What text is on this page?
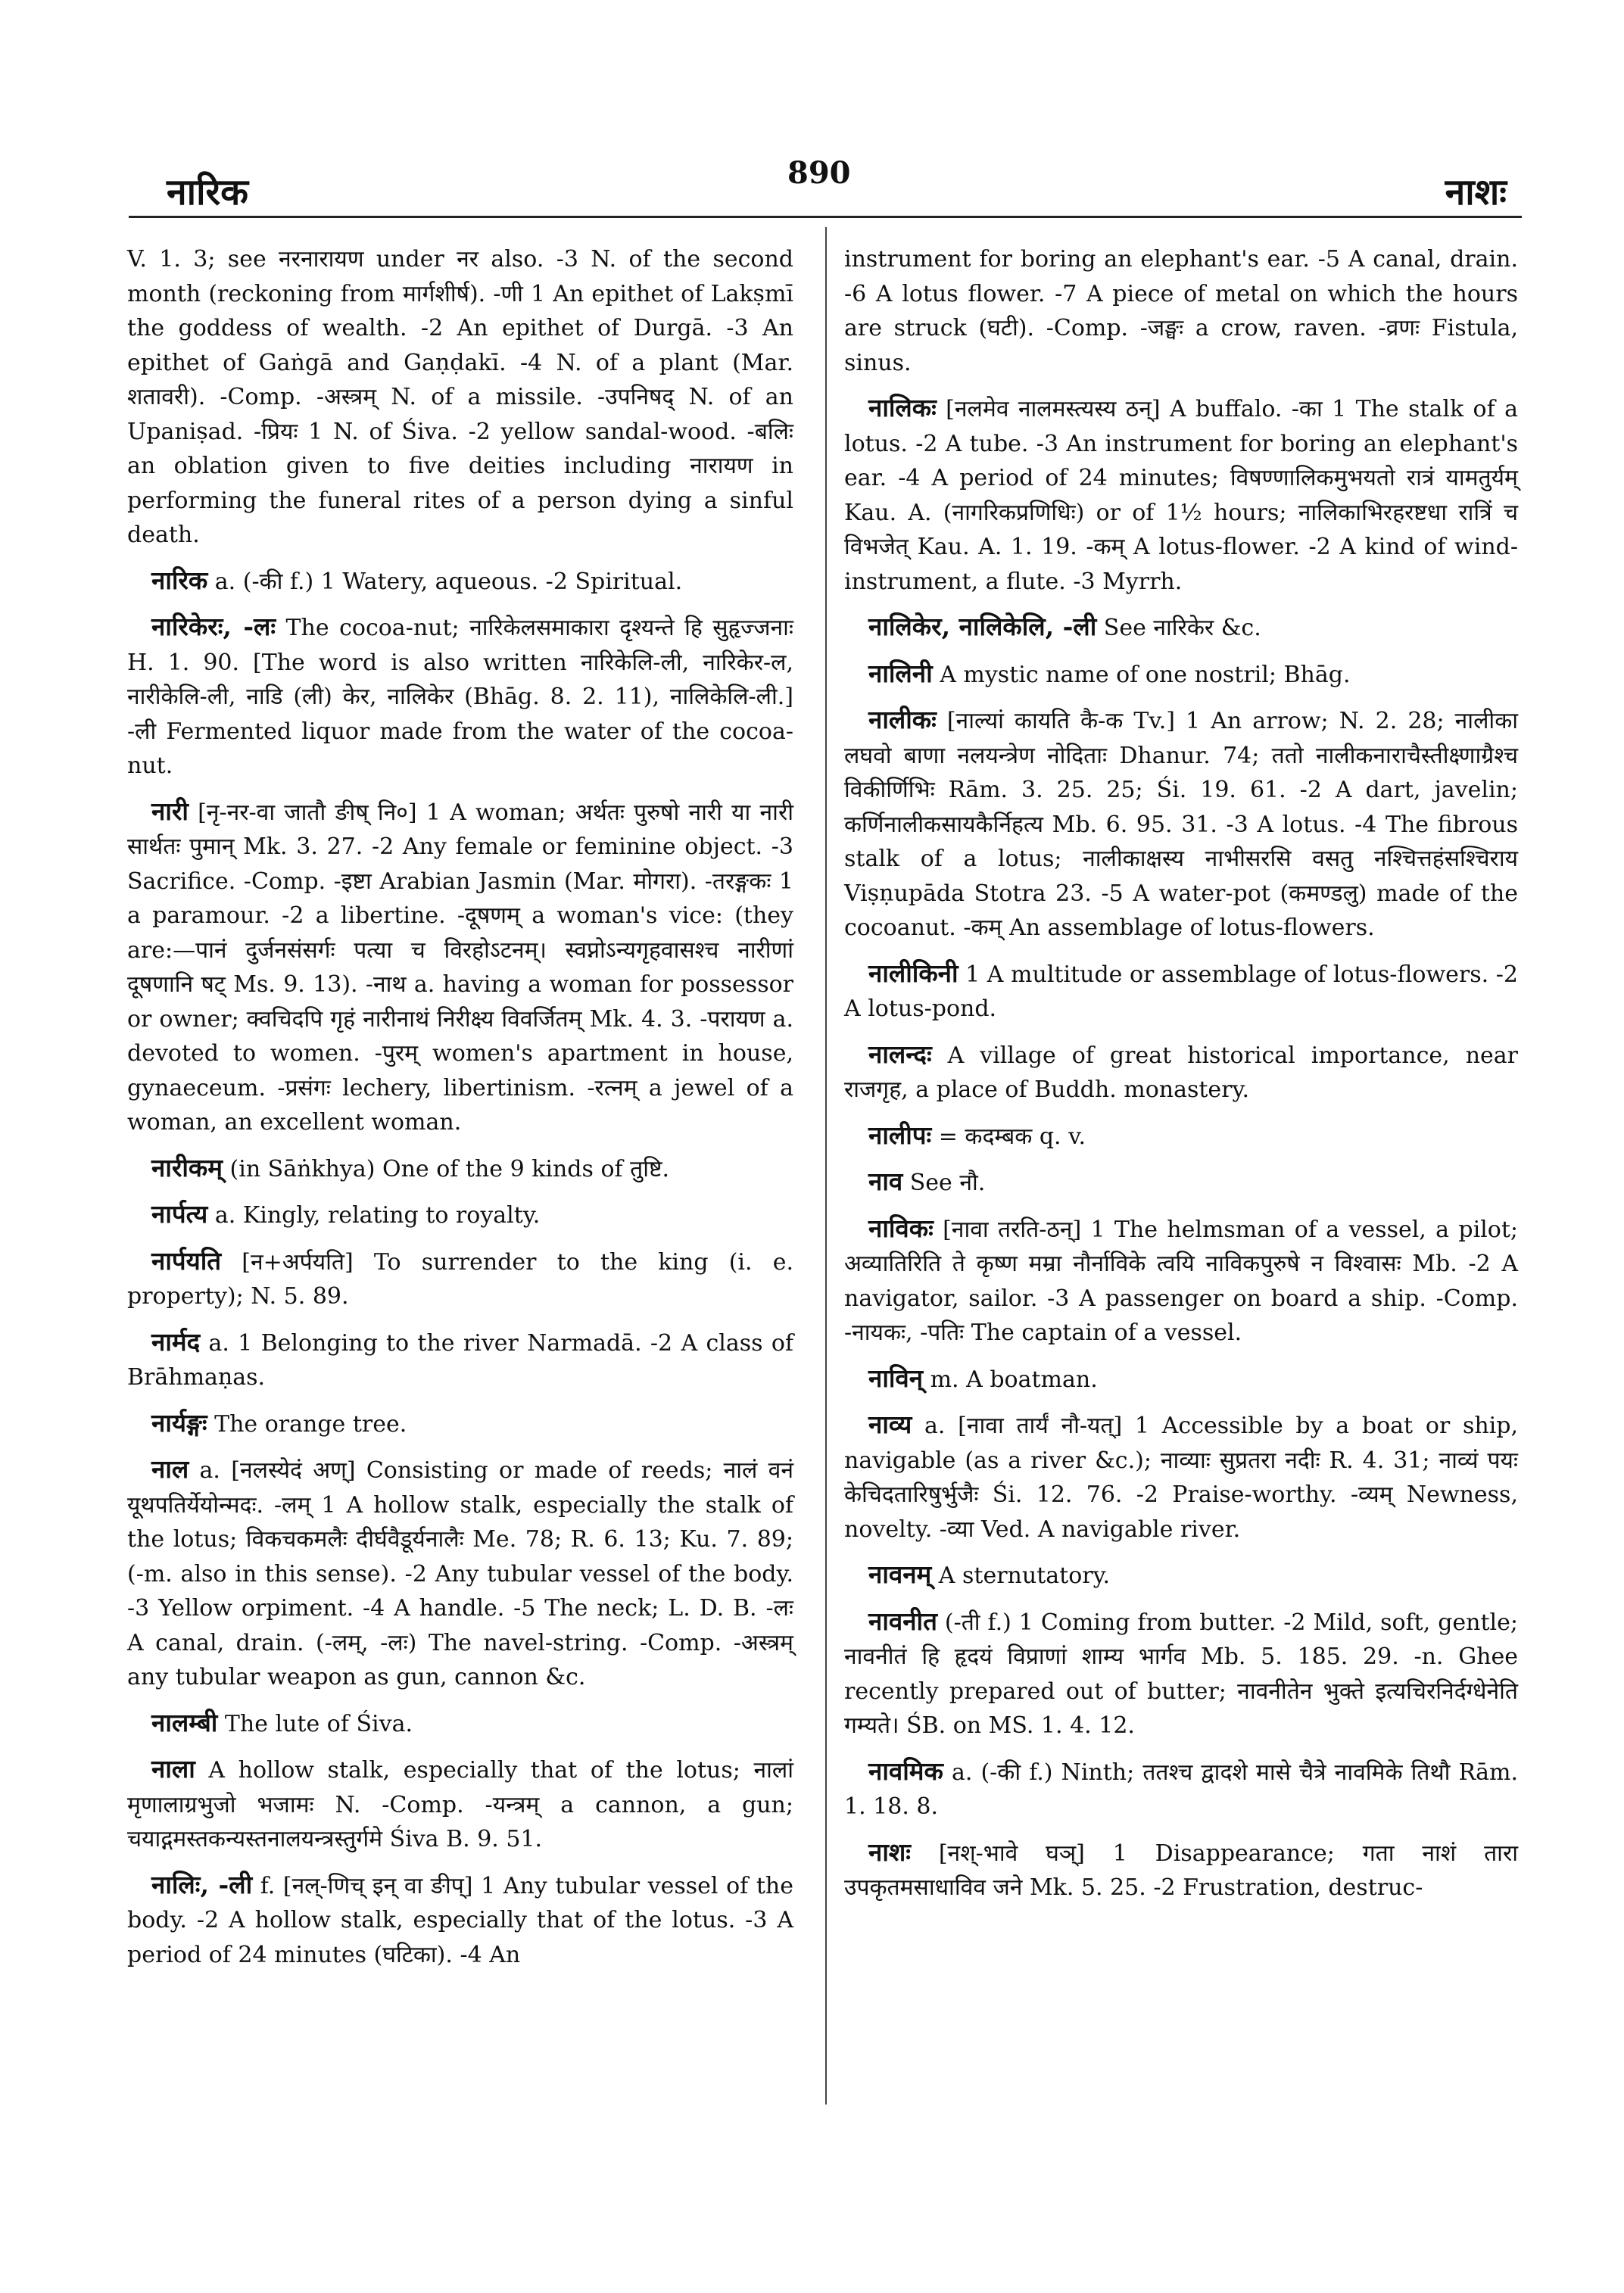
नारिक	890	नाशः
V. 1. 3; see नरनारायण under नर also. -3 N. of the second month (reckoning from मार्गशीर्ष). -णी 1 An epithet of Lakṣmī the goddess of wealth. -2 An epithet of Durgā. -3 An epithet of Gaṅgā and Gaṇḍakī. -4 N. of a plant (Mar. शतावरी). -Comp. -अस्त्रम् N. of a missile. -उपनिषद् N. of an Upaniṣad. -प्रियः 1 N. of Śiva. -2 yellow sandal-wood. -बलिः an oblation given to five deities including नारायण in performing the funeral rites of a person dying a sinful death.
नारिक a. (-की f.) 1 Watery, aqueous. -2 Spiritual.
नारिकेरः, -लः The cocoa-nut; नारिकेलसमाकारा दृश्यन्ते हि सुहृज्जनाः H. 1. 90. [The word is also written नारिकेलि-ली, नारिकेर-ल, नारीकेलि-ली, नाडि (ली) केर, नालिकेर (Bhāg. 8. 2. 11), नालिकेलि-ली.] -ली Fermented liquor made from the water of the cocoa-nut.
नारी [नृ-नर-वा जातौ ङीष् नि०] 1 A woman; अर्थतः पुरुषो नारी या नारी सार्थतः पुमान् Mk. 3. 27. -2 Any female or feminine object. -3 Sacrifice. -Comp. -इष्टा Arabian Jasmin (Mar. मोगरा). -तरङ्गकः 1 a paramour. -2 a libertine. -दूषणम् a woman's vice: (they are:—पानं दुर्जनसंसर्गः पत्या च विरहोऽटनम्। स्वप्नोऽन्यगृहवासश्च नारीणां दूषणानि षट् Ms. 9. 13). -नाथ a. having a woman for possessor or owner; क्वचिदपि गृहं नारीनाथं निरीक्ष्य विवर्जितम् Mk. 4. 3. -परायण a. devoted to women. -पुरम् women's apartment in house, gynaeceum. -प्रसंगः lechery, libertinism. -रत्नम् a jewel of a woman, an excellent woman.
नारीकम् (in Sāṅkhya) One of the 9 kinds of तुष्टि.
नार्पत्य a. Kingly, relating to royalty.
नार्पयति [न+अर्पयति] To surrender to the king (i. e. property); N. 5. 89.
नार्मद a. 1 Belonging to the river Narmadā. -2 A class of Brāhmaṇas.
नार्यङ्गः The orange tree.
नाल a. [नलस्येदं अण्] Consisting or made of reeds; नालं वनं यूथपतिर्येयोन्मदः. -लम् 1 A hollow stalk, especially the stalk of the lotus; विकचकमलैः दीर्घवैडूर्यनालैः Me. 78; R. 6. 13; Ku. 7. 89; (-m. also in this sense). -2 Any tubular vessel of the body. -3 Yellow orpiment. -4 A handle. -5 The neck; L. D. B. -लः A canal, drain. (-लम्, -लः) The navel-string. -Comp. -अस्त्रम् any tubular weapon as gun, cannon &c.
नालम्बी The lute of Śiva.
नाला A hollow stalk, especially that of the lotus; नालां मृणालाग्रभुजो भजामः N. -Comp. -यन्त्रम् a cannon, a gun; चयाद्गमस्तकन्यस्तनालयन्त्रस्तुर्गमे Śiva B. 9. 51.
नालिः, -ली f. [नल्-णिच् इन् वा ङीप्] 1 Any tubular vessel of the body. -2 A hollow stalk, especially that of the lotus. -3 A period of 24 minutes (घटिका). -4 An
instrument for boring an elephant's ear. -5 A canal, drain. -6 A lotus flower. -7 A piece of metal on which the hours are struck (घटी). -Comp. -जङ्घः a crow, raven. -व्रणः Fistula, sinus.
नालिकः [नलमेव नालमस्त्यस्य ठन्] A buffalo. -का 1 The stalk of a lotus. -2 A tube. -3 An instrument for boring an elephant's ear. -4 A period of 24 minutes; विषण्णालिकमुभयतो रात्रं यामतुर्यम् Kau. A. (नागरिकप्रणिधिः) or of 1½ hours; नालिकाभिरहरष्टधा रात्रिं च विभजेत् Kau. A. 1. 19. -कम् A lotus-flower. -2 A kind of wind-instrument, a flute. -3 Myrrh.
नालिकेर, नालिकेलि, -ली See नारिकेर &c.
नालिनी A mystic name of one nostril; Bhāg.
नालीकः [नाल्यां कायति कै-क Tv.] 1 An arrow; N. 2. 28; नालीका लघवो बाणा नलयन्त्रेण नोदिताः Dhanur. 74; ततो नालीकनाराचैस्तीक्ष्णाग्रैश्च विकीर्णिभिः Rām. 3. 25. 25; Śi. 19. 61. -2 A dart, javelin; कर्णिनालीकसायकैर्निहत्य Mb. 6. 95. 31. -3 A lotus. -4 The fibrous stalk of a lotus; नालीकाक्षस्य नाभीसरसि वसतु नश्चित्तहंसश्चिराय Viṣṇupāda Stotra 23. -5 A water-pot (कमण्डलु) made of the cocoanut. -कम् An assemblage of lotus-flowers.
नालीकिनी 1 A multitude or assemblage of lotus-flowers. -2 A lotus-pond.
नालन्दः A village of great historical importance, near राजगृह, a place of Buddh. monastery.
नालीपः = कदम्बक q. v.
नाव See नौ.
नाविकः [नावा तरति-ठन्] 1 The helmsman of a vessel, a pilot; अव्यातिरिति ते कृष्ण मम्रा नौर्नाविके त्वयि नाविकपुरुषे न विश्वासः Mb. -2 A navigator, sailor. -3 A passenger on board a ship. -Comp. -नायकः, -पतिः The captain of a vessel.
नाविन् m. A boatman.
नाव्य a. [नावा तार्यं नौ-यत्] 1 Accessible by a boat or ship, navigable (as a river &c.); नाव्याः सुप्रतरा नदीः R. 4. 31; नाव्यं पयः केचिदतारिषुर्भुजैः Śi. 12. 76. -2 Praise-worthy. -व्यम् Newness, novelty. -व्या Ved. A navigable river.
नावनम् A sternutatory.
नावनीत (-ती f.) 1 Coming from butter. -2 Mild, soft, gentle; नावनीतं हि हृदयं विप्राणां शाम्य भार्गव Mb. 5. 185. 29. -n. Ghee recently prepared out of butter; नावनीतेन भुक्ते इत्यचिरनिर्दग्धेनेति गम्यते। ŚB. on MS. 1. 4. 12.
नावमिक a. (-की f.) Ninth; ततश्च द्वादशे मासे चैत्रे नावमिके तिथौ Rām. 1. 18. 8.
नाशः [नश्-भावे घञ्] 1 Disappearance; गता नाशं तारा उपकृतमसाधाविव जने Mk. 5. 25. -2 Frustration, destruc-
